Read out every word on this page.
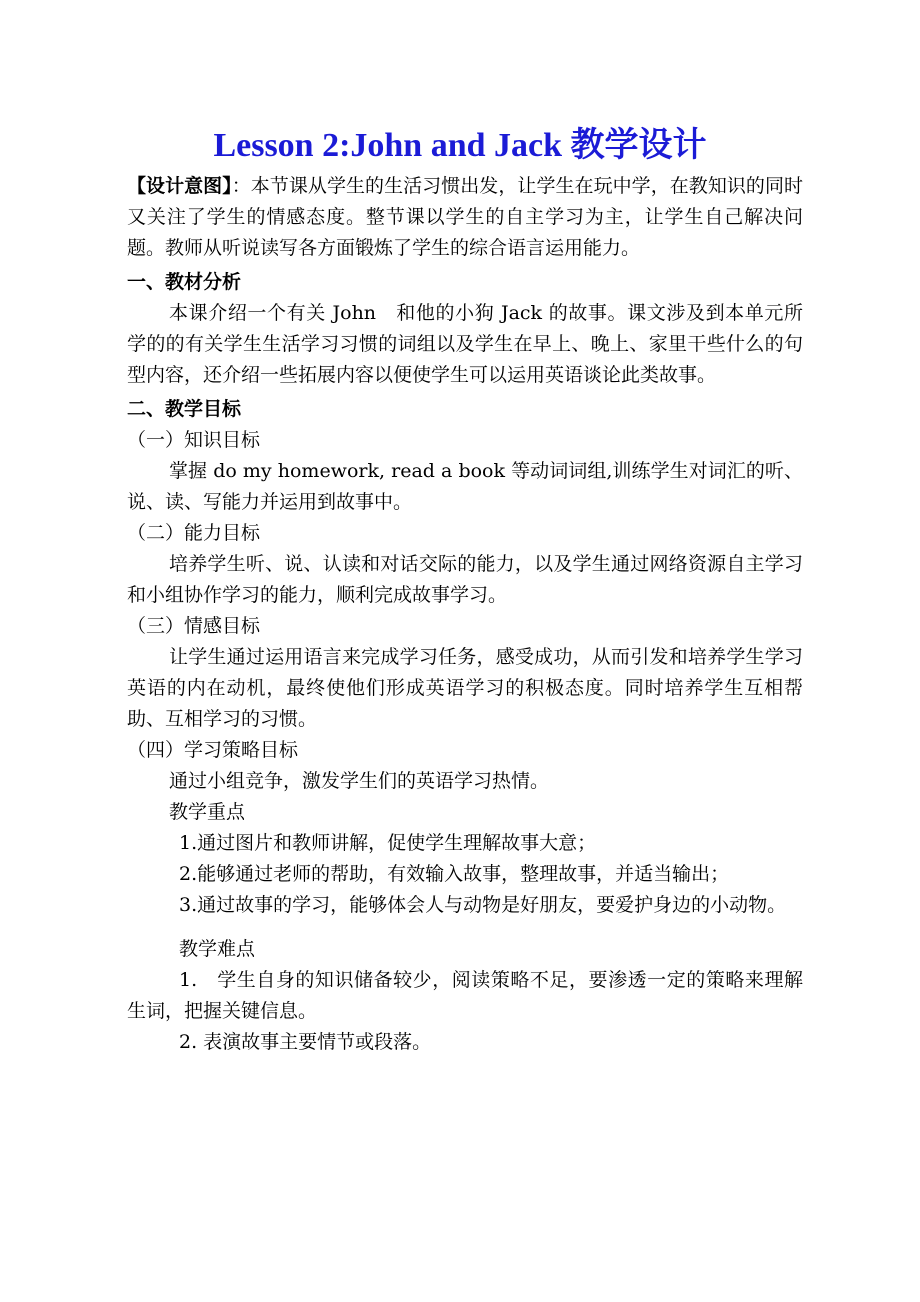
Lesson 2:John and Jack 教学设计

【设计意图】：本节课从学生的生活习惯出发，让学生在玩中学，在教知识的同时又关注了学生的情感态度。整节课以学生的自主学习为主，让学生自己解决问题。教师从听说读写各方面锻炼了学生的综合语言运用能力。

一、教材分析

本课介绍一个有关 John　和他的小狗 Jack 的故事。课文涉及到本单元所学的的有关学生生活学习习惯的词组以及学生在早上、晚上、家里干些什么的句型内容，还介绍一些拓展内容以便使学生可以运用英语谈论此类故事。

二、教学目标

（一）知识目标

掌握 do my homework, read a book 等动词词组,训练学生对词汇的听、说、读、写能力并运用到故事中。

（二）能力目标

培养学生听、说、认读和对话交际的能力，以及学生通过网络资源自主学习和小组协作学习的能力，顺利完成故事学习。

（三）情感目标

让学生通过运用语言来完成学习任务，感受成功，从而引发和培养学生学习英语的内在动机，最终使他们形成英语学习的积极态度。同时培养学生互相帮助、互相学习的习惯。

（四）学习策略目标

通过小组竞争，激发学生们的英语学习热情。

教学重点

1.通过图片和教师讲解，促使学生理解故事大意；

2.能够通过老师的帮助，有效输入故事，整理故事，并适当输出；

3.通过故事的学习，能够体会人与动物是好朋友，要爱护身边的小动物。

教学难点

1.　学生自身的知识储备较少，阅读策略不足，要渗透一定的策略来理解生词，把握关键信息。

2. 表演故事主要情节或段落。
